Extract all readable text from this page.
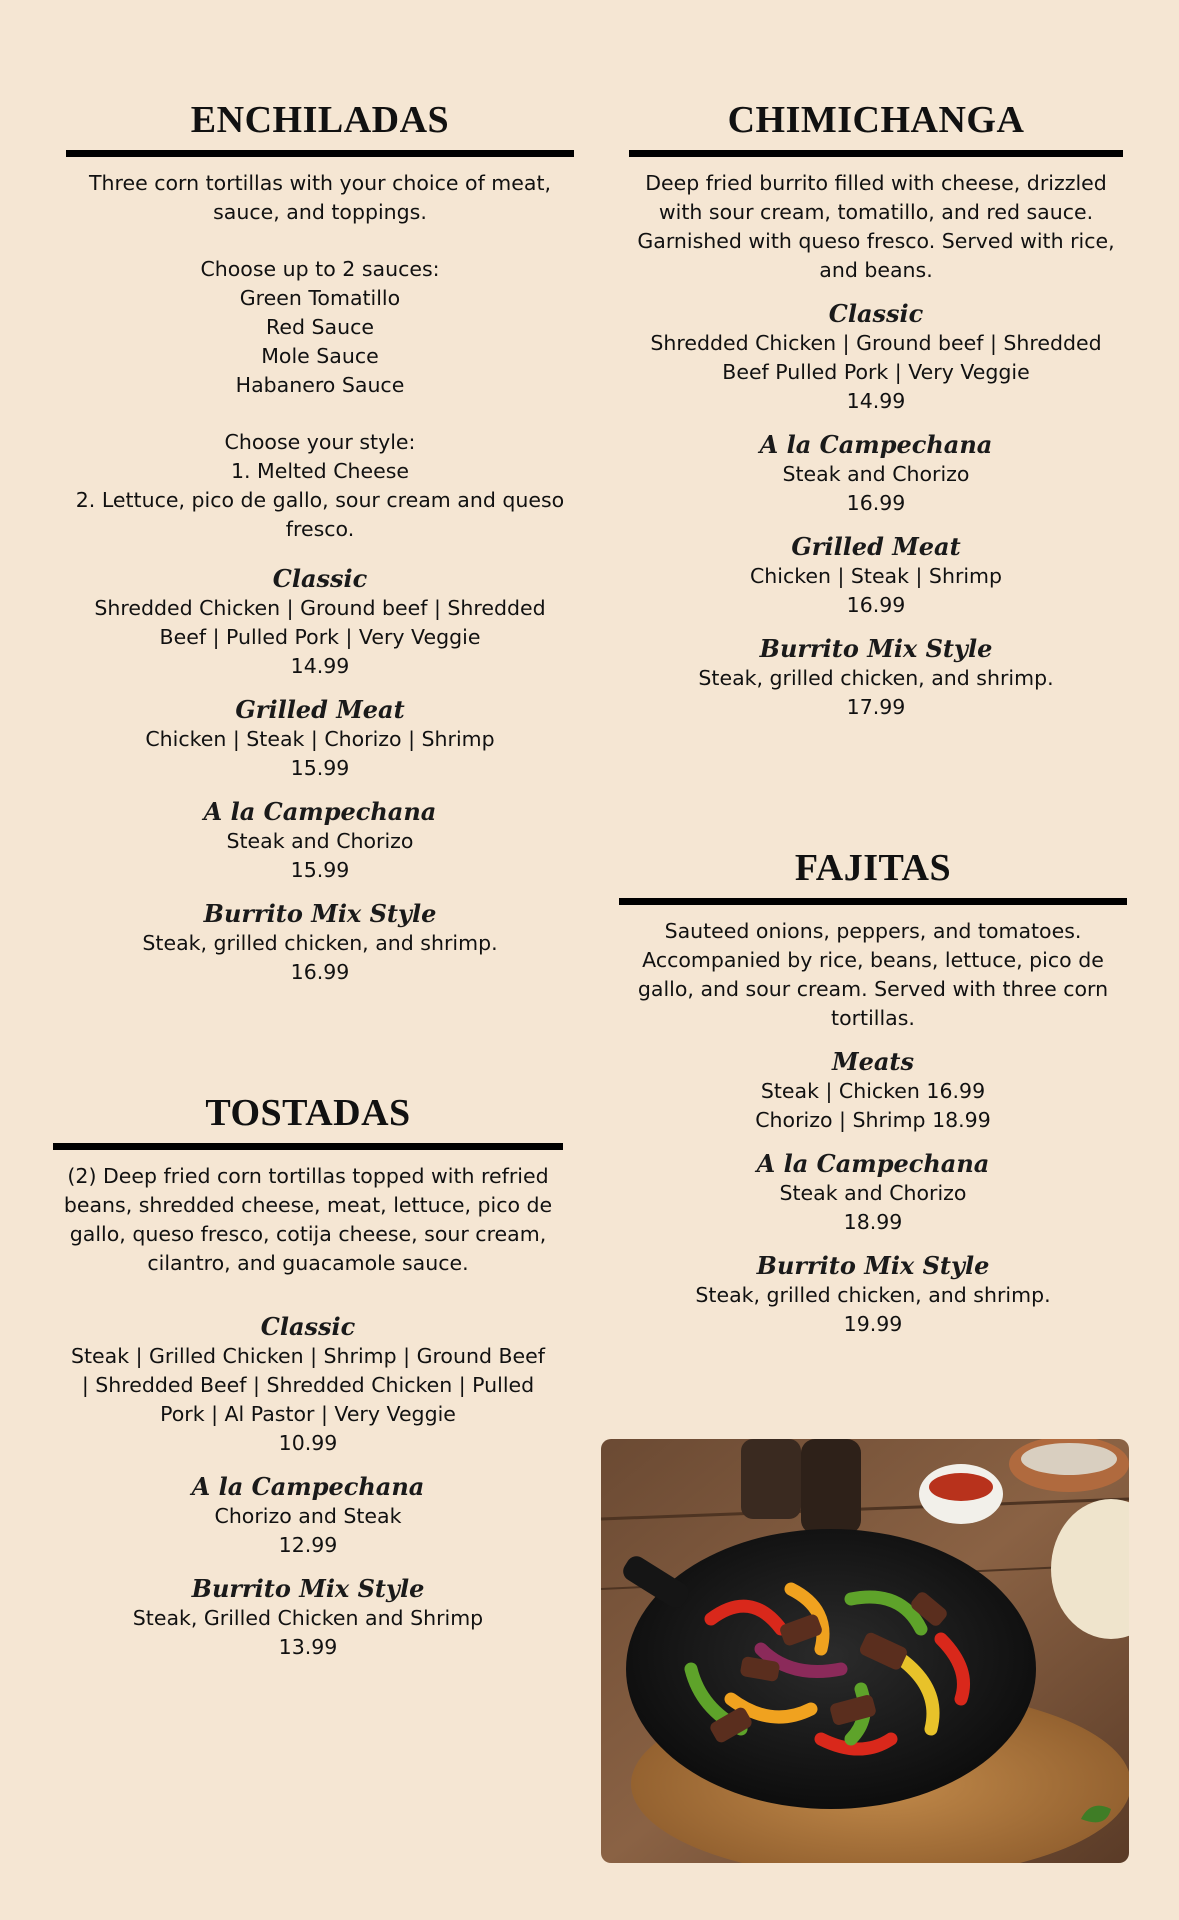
ENCHILADAS

Three corn tortillas with your choice of meat,

sauce, and toppings.

Choose up to 2 sauces:

Green Tomatillo

Red Sauce

Mole Sauce

Habanero Sauce

Choose your style:

1. Melted Cheese

2. Lettuce, pico de gallo, sour cream and queso

fresco.

Classic

Shredded Chicken | Ground beef | Shredded

Beef | Pulled Pork | Very Veggie

14.99

Grilled Meat

Chicken | Steak | Chorizo | Shrimp

15.99

A la Campechana

Steak and Chorizo

15.99

Burrito Mix Style

Steak, grilled chicken, and shrimp.

16.99

CHIMICHANGA

Deep fried burrito filled with cheese, drizzled

with sour cream, tomatillo, and red sauce.

Garnished with queso fresco. Served with rice,

and beans.

Classic

Shredded Chicken | Ground beef | Shredded

Beef Pulled Pork | Very Veggie

14.99

A la Campechana

Steak and Chorizo

16.99

Grilled Meat

Chicken | Steak | Shrimp

16.99

Burrito Mix Style

Steak, grilled chicken, and shrimp.

17.99

FAJITAS

Sauteed onions, peppers, and tomatoes.

Accompanied by rice, beans, lettuce, pico de

gallo, and sour cream. Served with three corn

tortillas.

Meats

Steak | Chicken 16.99

Chorizo | Shrimp 18.99

A la Campechana

Steak and Chorizo

18.99

Burrito Mix Style

Steak, grilled chicken, and shrimp.

19.99

TOSTADAS

(2) Deep fried corn tortillas topped with refried

beans, shredded cheese, meat, lettuce, pico de

gallo, queso fresco, cotija cheese, sour cream,

cilantro, and guacamole sauce.

Classic

Steak | Grilled Chicken | Shrimp | Ground Beef

| Shredded Beef | Shredded Chicken | Pulled

Pork | Al Pastor | Very Veggie

10.99

A la Campechana

Chorizo and Steak

12.99

Burrito Mix Style

Steak, Grilled Chicken and Shrimp

13.99
